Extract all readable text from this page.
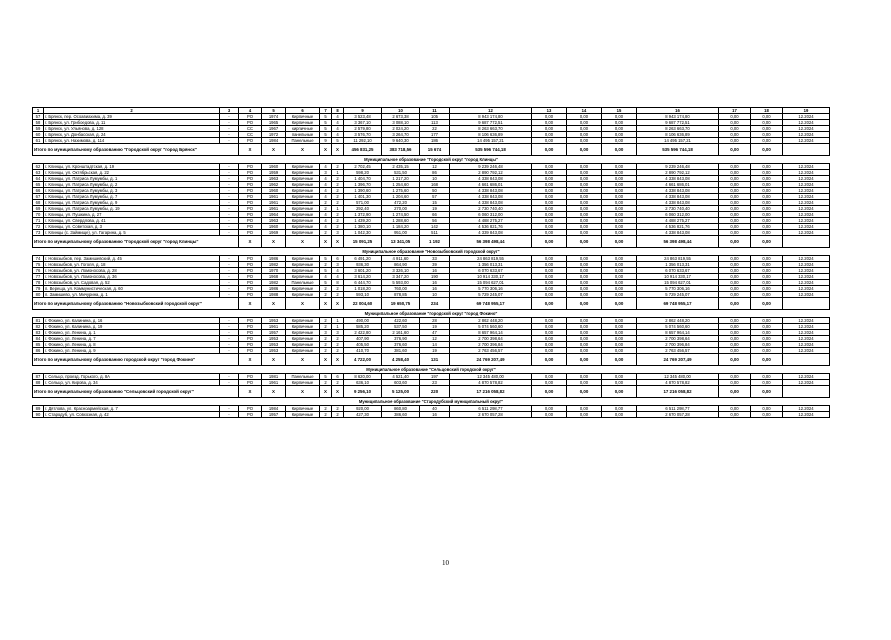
1	2	3	4	5	6	7	8	9	10	11	12	13	14	15	16	17	18	19
57	г. Брянск, пер. Осоавиахима, д. 39	-	РО	1974	Кирпичные	5	4	3 523,48	2 673,38	105	8 943 174,80	0,00	0,00	0,00	8 943 174,80	0,00	0,00	12.2024
58	г. Брянск, ул. Грибоедова, д. 11	-	РО	1965	Кирпичные	5	4	3 367,10	3 088,10	113	9 687 772,51	0,00	0,00	0,00	9 687 772,51	0,00	0,00	12.2024
59	г. Брянск, ул. Ульянова, д. 128	-	СС	1967	кирпичные	5	4	2 579,80	2 024,20	22	8 263 663,70	0,00	0,00	0,00	8 263 663,70	0,00	0,00	12.2024
60	г. Брянск, ул. Донбасская, д. 24	-	СС	1972	панельные	5	4	3 576,70	3 264,70	177	8 106 636,89	0,00	0,00	0,00	8 106 636,89	0,00	0,00	12.2024
61	г. Брянск, ул. Нахимова, д. 114	-	РО	1984	Панельные	9	5	11 292,10	9 640,30	186	14 495 157,21	0,00	0,00	0,00	14 495 157,21	0,00	0,00	12.2024
Итого по муниципальному образованию "Городской округ "город Брянск"			X	X	X	X	X	456 831,25	383 718,56	15 674	535 596 744,18	0,00	0,00	0,00	535 596 744,18	0,00	0,00	
Муниципальное образование "Городской округ "город Клинцы"																		
62	г. Клинцы, ул. Кронштадтская, д. 19	-	РО	1960	Кирпичные	4	2	2 702,45	2 435,15	12	9 239 246,48	0,00	0,00	0,00	9 239 246,48	0,00	0,00	12.2024
63	г. Клинцы, ул. Октябрьская, д. 22	-	РО	1959	Кирпичные	3	1	598,20	531,50	86	2 890 792,12	0,00	0,00	0,00	2 890 792,12	0,00	0,00	12.2024
64	г. Клинцы, ул. Патриса Лумумбы, д. 1	-	РО	1963	Кирпичные	4	2	1 404,70	1 217,20	10	4 338 843,08	0,00	0,00	0,00	4 338 843,08	0,00	0,00	12.2024
65	г. Клинцы, ул. Патриса Лумумбы, д. 2	-	РО	1962	Кирпичные	4	2	1 396,70	1 254,60	168	4 661 686,01	0,00	0,00	0,00	4 661 686,01	0,00	0,00	12.2024
66	г. Клинцы, ул. Патриса Лумумбы, д. 3	-	РО	1960	Кирпичные	4	2	1 390,60	1 275,60	50	4 338 843,08	0,00	0,00	0,00	4 338 843,08	0,00	0,00	12.2024
67	г. Клинцы, ул. Патриса Лумумбы, д. 7	-	РО	1961	Кирпичные	4	2	1 401,30	1 204,60	57	4 338 843,08	0,00	0,00	0,00	4 338 843,08	0,00	0,00	12.2024
68	г. Клинцы, ул. Патриса Лумумбы, д. 9	-	РО	1961	Кирпичные	2	2	571,00	472,20	15	4 338 843,08	0,00	0,00	0,00	4 338 843,08	0,00	0,00	12.2024
69	г. Клинцы, ул. Патриса Лумумбы, д. 19	-	РО	1961	Кирпичные	2	1	292,40	270,00	19	2 730 740,40	0,00	0,00	0,00	2 730 740,40	0,00	0,00	12.2024
70	г. Клинцы, ул. Пушкина, д. 27	-	РО	1964	Кирпичные	4	2	1 372,90	1 274,50	66	6 060 312,00	0,00	0,00	0,00	6 060 312,00	0,00	0,00	12.2024
71	г. Клинцы, ул. Свердлова, д. 41	-	РО	1963	Кирпичные	4	2	1 439,20	1 288,60	56	4 488 275,27	0,00	0,00	0,00	4 488 275,27	0,00	0,00	12.2024
72	г. Клинцы, ул. Советская, д. 3	-	РО	1960	Кирпичные	4	2	1 380,10	1 184,20	142	4 536 821,76	0,00	0,00	0,00	4 536 821,76	0,00	0,00	12.2024
73	г. Клинцы (с. Займище), ул. Гагарина, д. 5	-	РО	1969	Кирпичные	2	3	1 042,30	951,00	511	4 339 843,08	0,00	0,00	0,00	4 338 843,08	0,00	0,00	12.2024
Итого по муниципальному образованию "Городской округ "город Клинцы"			X	X	X	X	X	15 091,25	13 341,05	1 192	56 398 498,44	0,00	0,00	0,00	56 398 498,44	0,00	0,00	
Муниципальное образование "Новозыбковский городской округ"																		
74	г. Новозыбков, пер. Замишевский, д. 45	-	РО	1986	Кирпичные	5	6	6 491,20	4 911,60	33	24 863 819,55	0,00	0,00	0,00	24 863 819,55	0,00	0,00	12.2024
75	г. Новозыбков, ул. Гоголя, д. 18	-	РО	1982	Кирпичные	2	3	936,30	864,90	39	1 356 013,31	0,00	0,00	0,00	1 356 013,31	0,00	0,00	12.2024
76	г. Новозыбков, ул. Ломоносова, д. 28	-	РО	1970	Кирпичные	5	4	3 601,20	3 326,10	16	6 070 633,67	0,00	0,00	0,00	6 070 633,67	0,00	0,00	12.2024
77	г. Новозыбков, ул. Ломоносова, д. 36	-	РО	1968	Кирпичные	4	4	3 614,20	3 347,20	190	10 914 330,17	0,00	0,00	0,00	10 914 330,17	0,00	0,00	12.2024
78	г. Новозыбков, ул. Садовая, д. 52	-	РО	1982	Панельные	5	8	6 444,70	5 593,00	16	15 094 627,01	0,00	0,00	0,00	15 094 627,01	0,00	0,00	12.2024
79	п. Вереща, ул. Коммунистическая, д. 60	-	РО	1986	Кирпичные	2	2	1 018,20	760,00	16	5 770 306,16	0,00	0,00	0,00	5 770 306,16	0,00	0,00	12.2024
80	п. Замишево, ул. Мичурина, д. 1	-	РО	1988	Кирпичные	2	2	593,10	878,85	10	5 729 245,07	0,00	0,00	0,00	5 729 245,07	0,00	0,00	12.2024
Итого по муниципальному образованию "Новозыбковский городской округ"			X	X	X	X	X	22 004,60	19 650,75	234	69 748 955,17	0,00	0,00	0,00	69 748 955,17	0,00	0,00	
Муниципальное образование "городской округ "город Фокино"																		
81	г. Фокино, ул. Калинина, д. 16	-	РО	1953	Кирпичные	2	1	490,00	422,60	28	2 862 448,20	0,00	0,00	0,00	2 862 448,20	0,00	0,00	12.2024
82	г. Фокино, ул. Калинина, д. 19	-	РО	1961	Кирпичные	2	1	585,20	537,50	19	5 074 560,60	0,00	0,00	0,00	5 074 560,60	0,00	0,00	12.2024
83	г. Фокино, ул. Ленина, д. 1	-	РО	1957	Кирпичные	3	3	2 422,80	2 161,60	47	8 657 964,14	0,00	0,00	0,00	8 657 964,14	0,00	0,00	12.2024
84	г. Фокино, ул. Ленина, д. 7	-	РО	1953	Кирпичные	2	2	407,90	376,90	12	2 700 398,64	0,00	0,00	0,00	2 700 398,64	0,00	0,00	12.2024
85	г. Фокино, ул. Ленина, д. 8	-	РО	1953	Кирпичные	2	2	405,50	376,60	14	2 700 396,84	0,00	0,00	0,00	2 700 396,84	0,00	0,00	12.2024
86	г. Фокино, ул. Ленина, д. 9	-	РО	1953	Кирпичные	2	2	410,70	381,60	19	2 763 456,57	0,00	0,00	0,00	2 763 456,57	0,00	0,00	12.2024
Итого по муниципальному образованию городской округ "город Фокино"			X	X	X	X	X	4 722,00	4 258,40	131	24 769 207,49	0,00	0,00	0,00	24 769 207,49	0,00	0,00	
Муниципальное образование "Сельцовский городской округ"																		
87	г. Сельцо, проезд. Горького, д. 8А	-	РО	1981	Панельные	5	6	8 620,00	4 521,40	197	12 345 480,00	0,00	0,00	0,00	12 345 480,00	0,00	0,00	12.2024
88	г. Сельцо, ул. Кирова, д. 34	-	РО	1961	Кирпичные	2	2	636,10	603,60	23	4 870 578,82	0,00	0,00	0,00	4 870 578,82	0,00	0,00	12.2024
Итого по муниципальному образованию "Сельцовский городской округ"			X	X	X	X	X	9 256,10	5 125,00	220	17 216 058,82	0,00	0,00	0,00	17 216 058,82	0,00	0,00	
Муниципальное образование "Стародубский муниципальный округ"																		
89	г. Дятлова, ул. Красноармейская, д. 7	-	РО	1984	Кирпичные	2	2	920,00	860,80	40	6 511 298,77	0,00	0,00	0,00	6 511 298,77	0,00	0,00	12.2024
90	г. Стародуб, ул. Совхозная, д. 42	-	РО	1957	Кирпичные	2	2	427,30	386,60	16	2 670 057,28	0,00	0,00	0,00	2 670 057,28	0,00	0,00	12.2024
10
